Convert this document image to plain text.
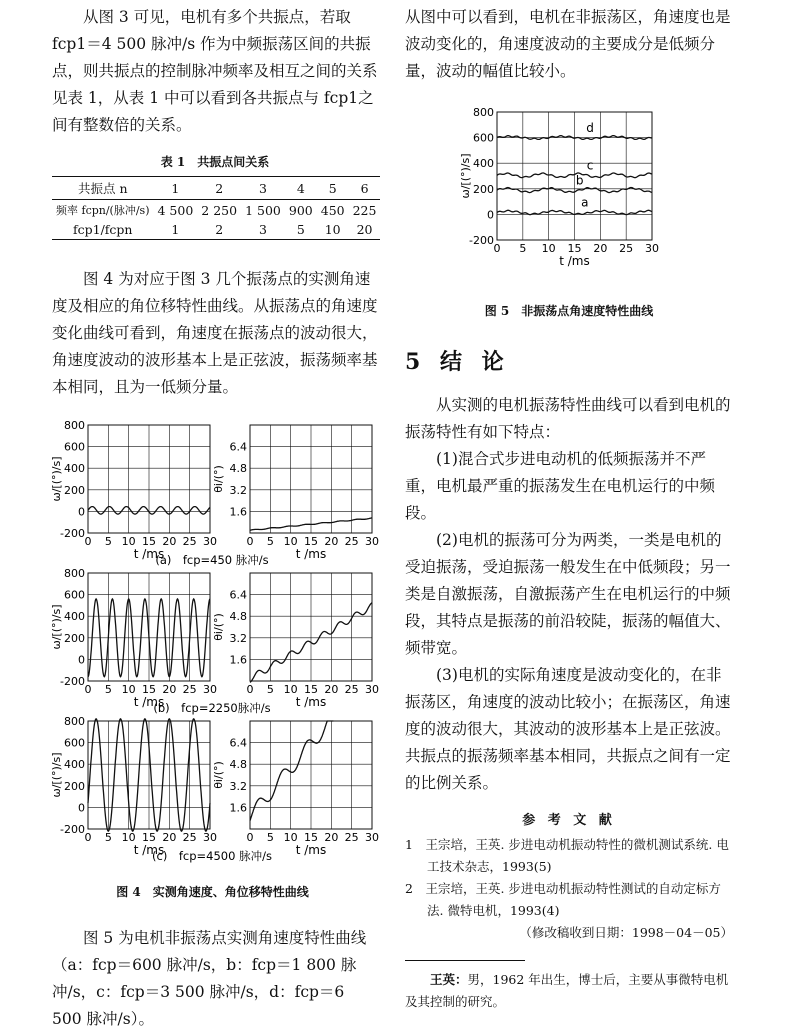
从图 3 可见，电机有多个共振点，若取 fcp1＝4 500 脉冲/s 作为中频振荡区间的共振点，则共振点的控制脉冲频率及相互之间的关系见表 1，从表 1 中可以看到各共振点与 fcp1之间有整数倍的关系。

表 1　共振点间关系
共振点 n	1	2	3	4	5	6
频率 fcpn/(脉冲/s)	4 500	2 250	1 500	900	450	225
fcp1/fcpn	1	2	3	5	10	20

图 4 为对应于图 3 几个振荡点的实测角速度及相应的角位移特性曲线。从振荡点的角速度变化曲线可看到，角速度在振荡点的波动很大，角速度波动的波形基本上是正弦波，振荡频率基本相同，且为一低频分量。

0 5 10 15 20 25 30
800
600
400
200
0
-200
ω/[(°)/s]
t /ms
0 5 10 15 20 25 30
6.4
4.8
3.2
1.6
θi/(°)
t /ms
(a)　fcp=450 脉冲/s
0 5 10 15 20 25 30
800
600
400
200
0
-200
ω/[(°)/s]
t /ms
0 5 10 15 20 25 30
6.4
4.8
3.2
1.6
θi/(°)
t /ms
(b)　fcp=2250脉冲/s
0 5 10 15 20 25 30
800
600
400
200
0
-200
ω/[(°)/s]
t /ms
0 5 10 15 20 25 30
6.4
4.8
3.2
1.6
θi/(°)
t /ms
(c)　fcp=4500 脉冲/s
图 4　实测角速度、角位移特性曲线

图 5 为电机非振荡点实测角速度特性曲线（a：fcp＝600 脉冲/s，b：fcp＝1 800 脉冲/s，c：fcp＝3 500 脉冲/s，d：fcp＝6 500 脉冲/s）。

从图中可以看到，电机在非振荡区，角速度也是波动变化的，角速度波动的主要成分是低频分量，波动的幅值比较小。

0 5 10 15 20 25 30
800
600
400
200
0
-200
ω/[(°)/s]
t /ms
a
b
c
d
图 5　非振荡点角速度特性曲线
5 结 论

从实测的电机振荡特性曲线可以看到电机的振荡特性有如下特点：

(1)混合式步进电动机的低频振荡并不严重，电机最严重的振荡发生在电机运行的中频段。

(2)电机的振荡可分为两类，一类是电机的受迫振荡，受迫振荡一般发生在中低频段；另一类是自激振荡，自激振荡产生在电机运行的中频段，其特点是振荡的前沿较陡，振荡的幅值大、频带宽。

(3)电机的实际角速度是波动变化的，在非振荡区，角速度的波动比较小；在振荡区，角速度的波动很大，其波动的波形基本上是正弦波。共振点的振荡频率基本相同，共振点之间有一定的比例关系。

参 考 文 献

1　王宗培，王英. 步进电动机振动特性的微机测试系统. 电工技术杂志，1993(5)

2　王宗培，王英. 步进电动机振动特性测试的自动定标方法. 微特电机，1993(4)

（修改稿收到日期：1998－04－05）

王英：男，1962 年出生，博士后，主要从事微特电机及其控制的研究。
